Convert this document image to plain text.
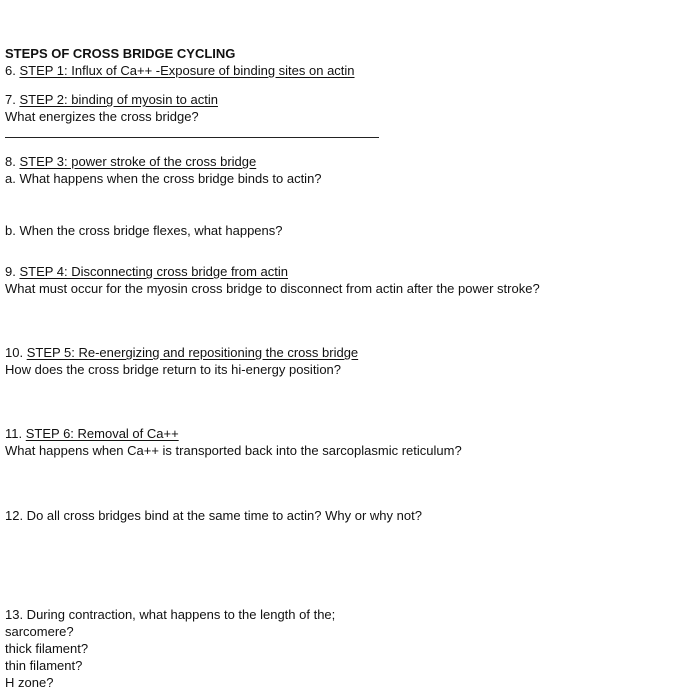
STEPS OF CROSS BRIDGE CYCLING
6. STEP 1: Influx of Ca++ -Exposure of binding sites on actin
7. STEP 2: binding of myosin to actin
What energizes the cross bridge?
8. STEP 3: power stroke of the cross bridge
a. What happens when the cross bridge binds to actin?
b. When the cross bridge flexes, what happens?
9. STEP 4: Disconnecting cross bridge from actin
What must occur for the myosin cross bridge to disconnect from actin after the power stroke?
10. STEP 5: Re-energizing and repositioning the cross bridge
How does the cross bridge return to its hi-energy position?
11. STEP 6: Removal of Ca++
What happens when Ca++ is transported back into the sarcoplasmic reticulum?
12. Do all cross bridges bind at the same time to actin? Why or why not?
13. During contraction, what happens to the length of the;
sarcomere?
thick filament?
thin filament?
H zone?
